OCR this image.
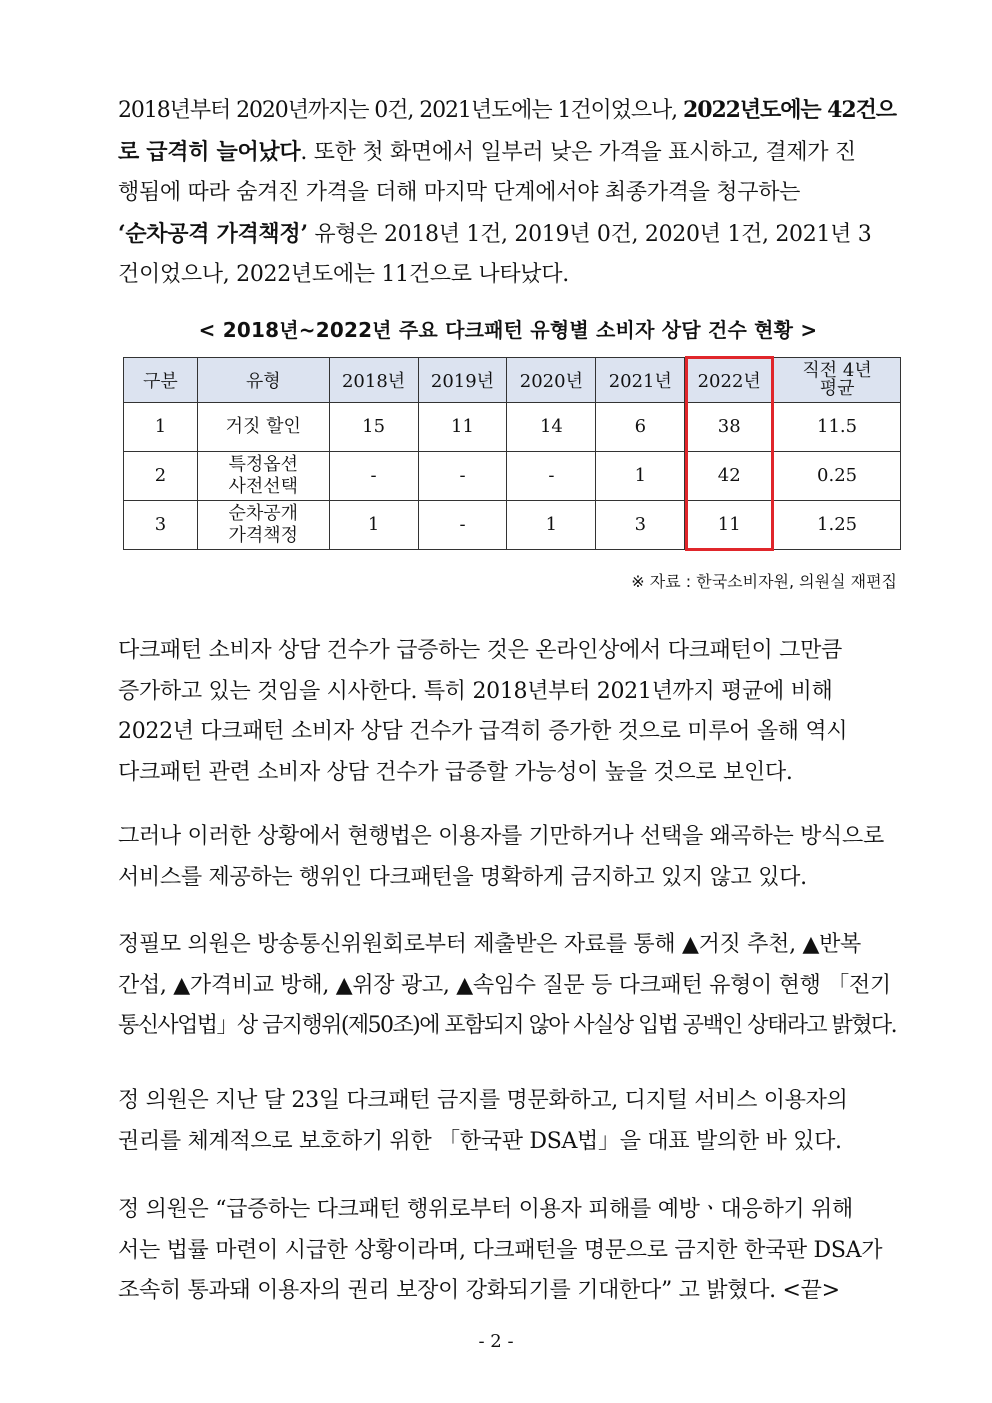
2018년부터 2020년까지는 0건, 2021년도에는 1건이었으나, 2022년도에는 42건으
로 급격히 늘어났다. 또한 첫 화면에서 일부러 낮은 가격을 표시하고, 결제가 진
행됨에 따라 숨겨진 가격을 더해 마지막 단계에서야 최종가격을 청구하는
‘순차공격 가격책정’ 유형은 2018년 1건, 2019년 0건, 2020년 1건, 2021년 3
건이었으나, 2022년도에는 11건으로 나타났다.
< 2018년~2022년 주요 다크패턴 유형별 소비자 상담 건수 현황 >
구분	유형	2018년	2019년	2020년	2021년	2022년	직전 4년
평균
1	거짓 할인	15	11	14	6	38	11.5
2	특정옵션
사전선택	-	-	-	1	42	0.25
3	순차공개
가격책정	1	-	1	3	11	1.25
※ 자료 : 한국소비자원, 의원실 재편집
다크패턴 소비자 상담 건수가 급증하는 것은 온라인상에서 다크패턴이 그만큼
증가하고 있는 것임을 시사한다. 특히 2018년부터 2021년까지 평균에 비해
2022년 다크패턴 소비자 상담 건수가 급격히 증가한 것으로 미루어 올해 역시
다크패턴 관련 소비자 상담 건수가 급증할 가능성이 높을 것으로 보인다.
그러나 이러한 상황에서 현행법은 이용자를 기만하거나 선택을 왜곡하는 방식으로
서비스를 제공하는 행위인 다크패턴을 명확하게 금지하고 있지 않고 있다.
정필모 의원은 방송통신위원회로부터 제출받은 자료를 통해 ▲거짓 추천, ▲반복
간섭, ▲가격비교 방해, ▲위장 광고, ▲속임수 질문 등 다크패턴 유형이 현행 「전기
통신사업법」상 금지행위(제50조)에 포함되지 않아 사실상 입법 공백인 상태라고 밝혔다.
정 의원은 지난 달 23일 다크패턴 금지를 명문화하고, 디지털 서비스 이용자의
권리를 체계적으로 보호하기 위한 「한국판 DSA법」을 대표 발의한 바 있다.
정 의원은 “급증하는 다크패턴 행위로부터 이용자 피해를 예방ㆍ대응하기 위해
서는 법률 마련이 시급한 상황이라며, 다크패턴을 명문으로 금지한 한국판 DSA가
조속히 통과돼 이용자의 권리 보장이 강화되기를 기대한다” 고 밝혔다. <끝>
- 2 -
